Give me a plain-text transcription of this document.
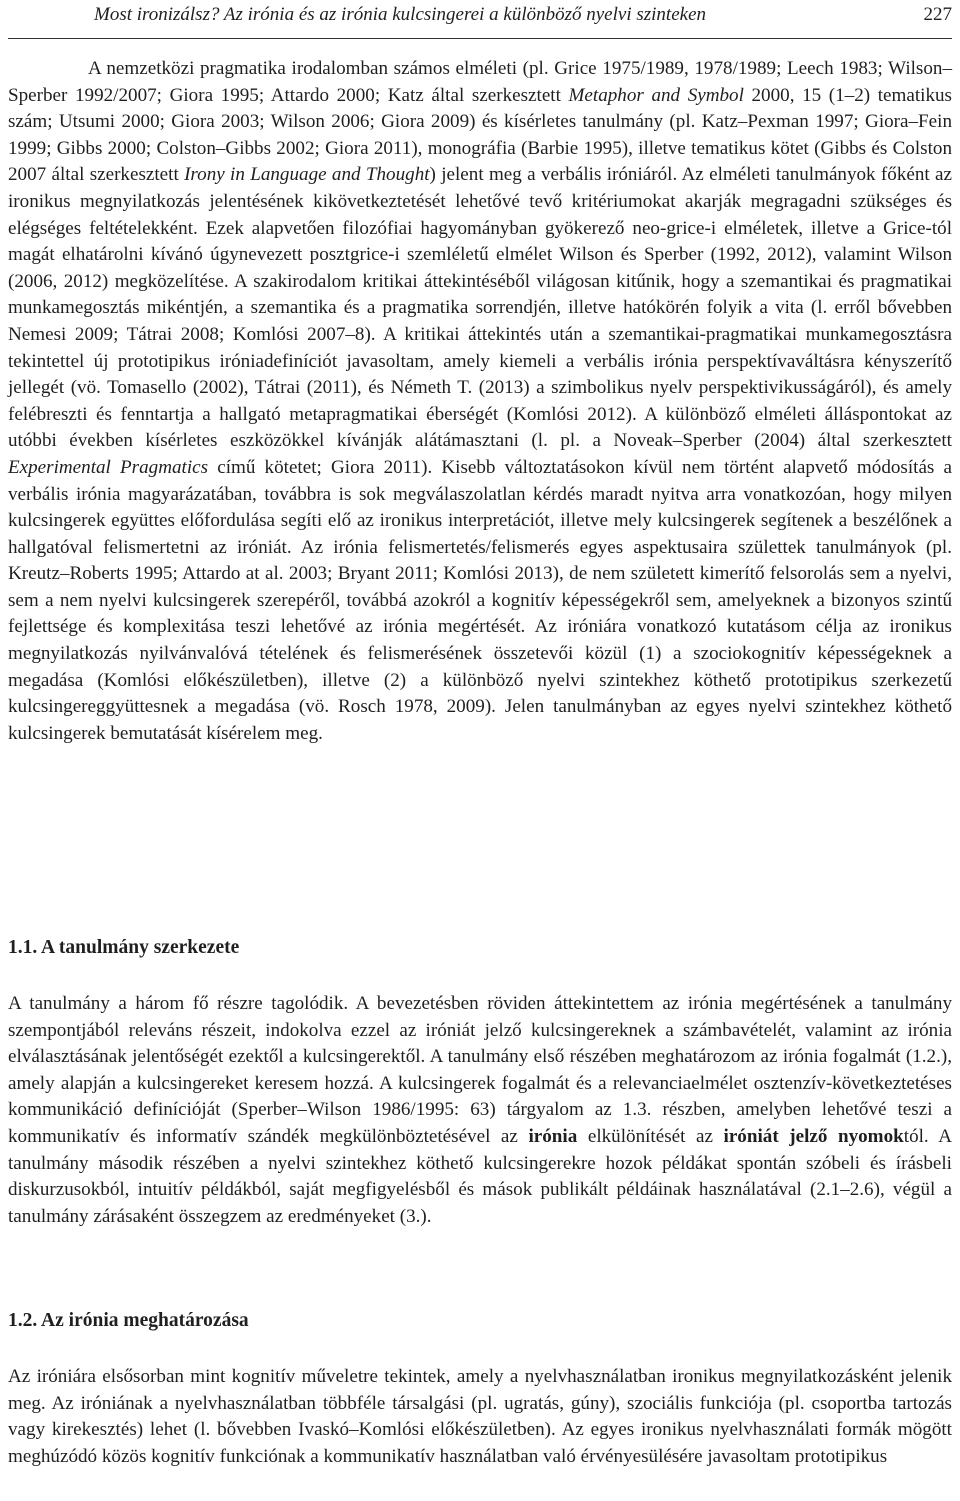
Most ironizálsz? Az irónia és az irónia kulcsingerei a különböző nyelvi szinteken	227

A nemzetközi pragmatika irodalomban számos elméleti (pl. Grice 1975/1989, 1978/1989; Leech 1983; Wilson–Sperber 1992/2007; Giora 1995; Attardo 2000; Katz által szerkesztett Metaphor and Symbol 2000, 15 (1–2) tematikus szám; Utsumi 2000; Giora 2003; Wilson 2006; Giora 2009) és kísérletes tanulmány (pl. Katz–Pexman 1997; Giora–Fein 1999; Gibbs 2000; Colston–Gibbs 2002; Giora 2011), monográfia (Barbie 1995), illetve tematikus kötet (Gibbs és Colston 2007 által szerkesztett Irony in Language and Thought) jelent meg a verbális iróniáról. Az elméleti tanulmányok főként az ironikus megnyilatkozás jelentésének kikövetkeztetését lehetővé tevő kritériumokat akarják megragadni szükséges és elégséges feltételekként. Ezek alapvetően filozófiai hagyományban gyökerező neo-grice-i elméletek, illetve a Grice-tól magát elhatárolni kívánó úgynevezett posztgrice-i szemléletű elmélet Wilson és Sperber (1992, 2012), valamint Wilson (2006, 2012) megközelítése. A szakirodalom kritikai áttekintéséből világosan kitűnik, hogy a szemantikai és pragmatikai munkamegosztás mikéntjén, a szemantika és a pragmatika sorrendjén, illetve hatókörén folyik a vita (l. erről bővebben Nemesi 2009; Tátrai 2008; Komlósi 2007–8). A kritikai áttekintés után a szemantikai-pragmatikai munkamegosztásra tekintettel új prototipikus iróniadefiníciót javasoltam, amely kiemeli a verbális irónia perspektívaváltásra kényszerítő jellegét (vö. Tomasello (2002), Tátrai (2011), és Németh T. (2013) a szimbolikus nyelv perspektivikusságáról), és amely felébreszti és fenntartja a hallgató metapragmatikai éberségét (Komlósi 2012). A különböző elméleti álláspontokat az utóbbi években kísérletes eszközökkel kívánják alátámasztani (l. pl. a Noveak–Sperber (2004) által szerkesztett Experimental Pragmatics című kötetet; Giora 2011). Kisebb változtatásokon kívül nem történt alapvető módosítás a verbális irónia magyarázatában, továbbra is sok megválaszolatlan kérdés maradt nyitva arra vonatkozóan, hogy milyen kulcsingerek együttes előfordulása segíti elő az ironikus interpretációt, illetve mely kulcsingerek segítenek a beszélőnek a hallgatóval felismertetni az iróniát. Az irónia felismertetés/felismerés egyes aspektusaira születtek tanulmányok (pl. Kreutz–Roberts 1995; Attardo at al. 2003; Bryant 2011; Komlósi 2013), de nem született kimerítő felsorolás sem a nyelvi, sem a nem nyelvi kulcsingerek szerepéről, továbbá azokról a kognitív képességekről sem, amelyeknek a bizonyos szintű fejlettsége és komplexitása teszi lehetővé az irónia megértését. Az iróniára vonatkozó kutatásom célja az ironikus megnyilatkozás nyilvánvalóvá tételének és felismerésének összetevői közül (1) a szociokognitív képességeknek a megadása (Komlósi előkészületben), illetve (2) a különböző nyelvi szintekhez köthető prototipikus szerkezetű kulcsingereggyüttesnek a megadása (vö. Rosch 1978, 2009). Jelen tanulmányban az egyes nyelvi szintekhez köthető kulcsingerek bemutatását kísérelem meg.

1.1. A tanulmány szerkezete

A tanulmány a három fő részre tagolódik. A bevezetésben röviden áttekintettem az irónia megértésének a tanulmány szempontjából releváns részeit, indokolva ezzel az iróniát jelző kulcsingereknek a számbavételét, valamint az irónia elválasztásának jelentőségét ezektől a kulcsingerektől. A tanulmány első részében meghatározom az irónia fogalmát (1.2.), amely alapján a kulcsingereket keresem hozzá. A kulcsingerek fogalmát és a relevanciaelmélet osztenzív-következtetéses kommunikáció definícióját (Sperber–Wilson 1986/1995: 63) tárgyalom az 1.3. részben, amelyben lehetővé teszi a kommunikatív és informatív szándék megkülönböztetésével az irónia elkülönítését az iróniát jelző nyomoktól. A tanulmány második részében a nyelvi szintekhez köthető kulcsingerekre hozok példákat spontán szóbeli és írásbeli diskurzusokból, intuitív példákból, saját megfigyelésből és mások publikált példáinak használatával (2.1–2.6), végül a tanulmány zárásaként összegzem az eredményeket (3.).

1.2. Az irónia meghatározása

Az iróniára elsősorban mint kognitív műveletre tekintek, amely a nyelvhasználatban ironikus megnyilatkozásként jelenik meg. Az iróniának a nyelvhasználatban többféle társalgási (pl. ugratás, gúny), szociális funkciója (pl. csoportba tartozás vagy kirekesztés) lehet (l. bővebben Ivaskó–Komlósi előkészületben). Az egyes ironikus nyelvhasználati formák mögött meghúzódó közös kognitív funkciónak a kommunikatív használatban való érvényesülésére javasoltam prototipikus
